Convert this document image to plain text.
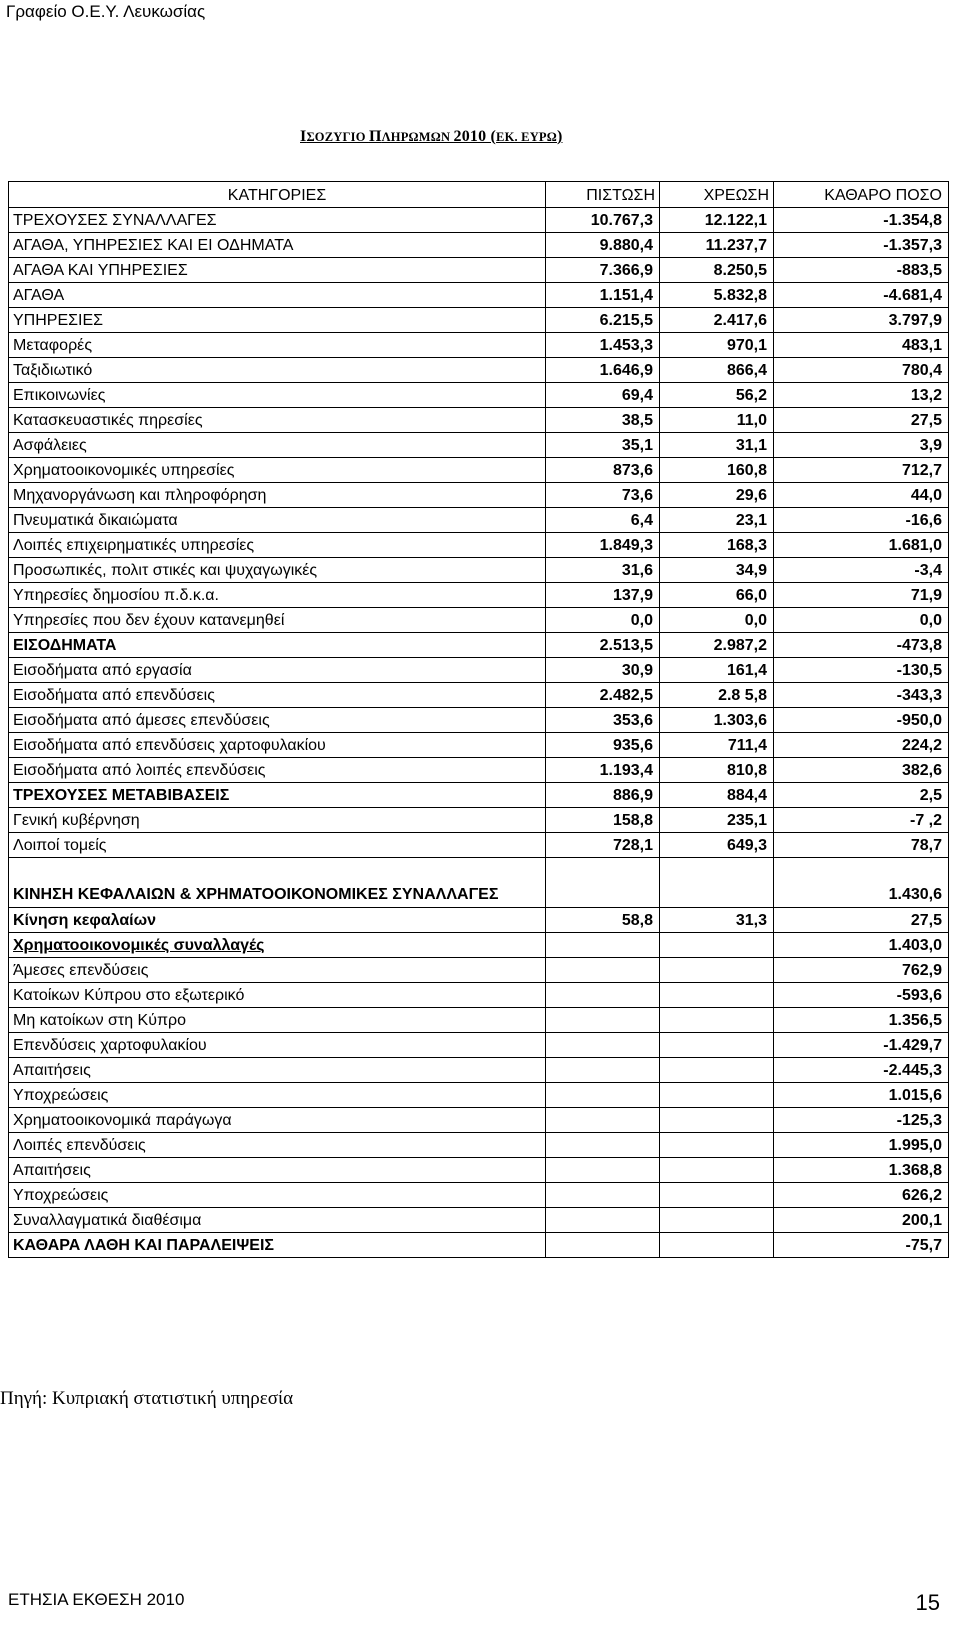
Γραφείο Ο.Ε.Υ. Λευκωσίας
ΙΣΟΖΥΓΙΟ ΠΛΗΡΩΜΩΝ 2010 (ΕΚ. ΕΥΡΩ)
ΚΑΤΗΓΟΡΙΕΣ	ΠΙΣΤΩΣΗ	ΧΡΕΩΣΗ	ΚΑΘΑΡΟ ΠΟΣΟ
ΤΡΕΧΟΥΣΕΣ ΣΥΝΑΛΛΑΓΕΣ	10.767,3	12.122,1	-1.354,8
ΑΓΑΘΑ, ΥΠΗΡΕΣΙΕΣ ΚΑΙ ΕΙ ΟΔΗΜΑΤΑ	9.880,4	11.237,7	-1.357,3
ΑΓΑΘΑ ΚΑΙ ΥΠΗΡΕΣΙΕΣ	7.366,9	8.250,5	-883,5
ΑΓΑΘΑ	1.151,4	5.832,8	-4.681,4
ΥΠΗΡΕΣΙΕΣ	6.215,5	2.417,6	3.797,9
Μεταφορές	1.453,3	970,1	483,1
Ταξιδιωτικό	1.646,9	866,4	780,4
Επικοινωνίες	69,4	56,2	13,2
Κατασκευαστικές πηρεσίες	38,5	11,0	27,5
Ασφάλειες	35,1	31,1	3,9
Χρηματοοικονομικές υπηρεσίες	873,6	160,8	712,7
Μηχανοργάνωση και πληροφόρηση	73,6	29,6	44,0
Πνευματικά δικαιώματα	6,4	23,1	-16,6
Λοιπές επιχειρηματικές υπηρεσίες	1.849,3	168,3	1.681,0
Προσωπικές, πολιτ στικές και ψυχαγωγικές	31,6	34,9	-3,4
Υπηρεσίες δημοσίου π.δ.κ.α.	137,9	66,0	71,9
Υπηρεσίες που δεν έχουν κατανεμηθεί	0,0	0,0	0,0
ΕΙΣΟΔΗΜΑΤΑ	2.513,5	2.987,2	-473,8
Εισοδήματα από εργασία	30,9	161,4	-130,5
Εισοδήματα από επενδύσεις	2.482,5	2.8 5,8	-343,3
Εισοδήματα από άμεσες επενδύσεις	353,6	1.303,6	-950,0
Εισοδήματα από επενδύσεις χαρτοφυλακίου	935,6	711,4	224,2
Εισοδήματα από λοιπές επενδύσεις	1.193,4	810,8	382,6
ΤΡΕΧΟΥΣΕΣ ΜΕΤΑΒΙΒΑΣΕΙΣ	886,9	884,4	2,5
Γενική κυβέρνηση	158,8	235,1	-7 ,2
Λοιποί τομείς	728,1	649,3	78,7
ΚΙΝΗΣΗ ΚΕΦΑΛΑΙΩΝ & ΧΡΗΜΑΤΟΟΙΚΟΝΟΜΙΚΕΣ ΣΥΝΑΛΛΑΓΕΣ			1.430,6
Κίνηση κεφαλαίων	58,8	31,3	27,5
Χρηματοοικονομικές συναλλαγές			1.403,0
Άμεσες επενδύσεις			762,9
Κατοίκων Κύπρου στο εξωτερικό			-593,6
Μη κατοίκων στη Κύπρο			1.356,5
Επενδύσεις χαρτοφυλακίου			-1.429,7
Απαιτήσεις			-2.445,3
Υποχρεώσεις			1.015,6
Χρηματοοικονομικά παράγωγα			-125,3
Λοιπές επενδύσεις			1.995,0
Απαιτήσεις			1.368,8
Υποχρεώσεις			626,2
Συναλλαγματικά διαθέσιμα			200,1
ΚΑΘΑΡΑ ΛΑΘΗ ΚΑΙ ΠΑΡΑΛΕΙΨΕΙΣ			-75,7
Πηγή: Κυπριακή στατιστική υπηρεσία
ΕΤΗΣΙΑ ΕΚΘΕΣΗ 2010	15
